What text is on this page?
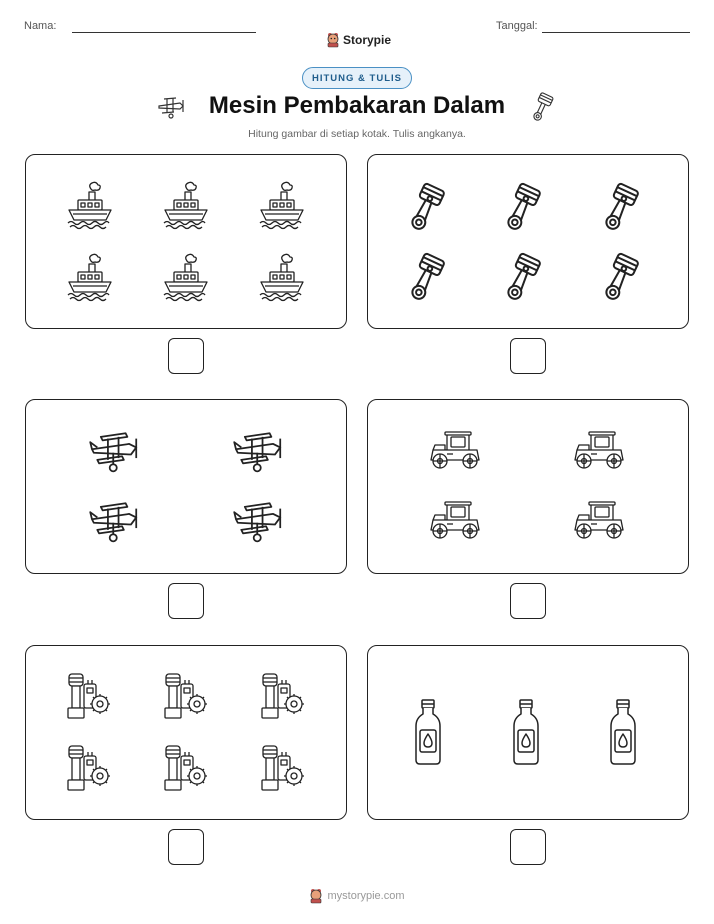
Nama:
Storypie
Tanggal:
HITUNG & TULIS
Mesin Pembakaran Dalam
Hitung gambar di setiap kotak. Tulis angkanya.
mystorypie.com
